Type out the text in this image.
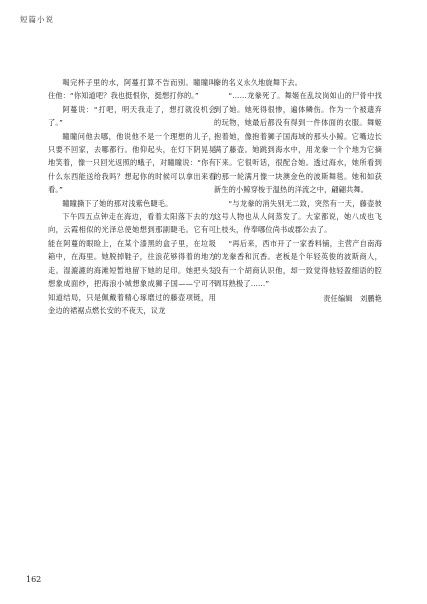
短篇小说

喝完杯子里的水，阿蔓打算不告而别。瞳瞳叫住他：“你知道吧？我也挺恨你，挺想打你的。”

阿蔓说：“打吧，明天我走了，想打就没机会了。”

瞳瞳问他去哪，他说他不是一个理想的儿子，只要不回家，去哪都行。他仰起头，在灯下阴晃晃地笑着，像一只回光返照的蛾子，对瞳瞳说：“你有什么东西能送给我吗？想起你的时候可以拿出来看看。”

瞳瞳撕下了她的那对浅紫色睫毛。

下午四五点钟走在海边，看着太阳落下去的方向，云霞相似的光泽总使她想到那副睫毛。它有可能在阿蔓的眼睑上，在某个漆黑的盒子里，在垃圾箱中，在海里。她脱掉鞋子，往浪花够得着的地方走。湿漉漉的海滩短暂地留下她的足印。她把头发想象成面纱，把海浪小城想象成狮子国——宁可不知道结局，只是佩戴着精心琢磨过的藤壶项链，用金边的裙裾点燃长安的不夜天，议龙

豢的名义永久地旋舞下去。

“……龙豢死了。舞姬在乱坟岗如山的尸骨中找到了她。她死得很惨，遍体鳞伤。作为一个被遗弃的玩物，她最后都没有得到一件体面的衣服。舞姬抱着她，像抱着狮子国海域的那头小鲸。它嘴边长满了藤壶。她跳到海水中，用龙豢一个个地为它摘下来。它很听话，很配合她。透过海水，她所看到的那一轮满月像一块澳金色的波斯舞毯。她和如获新生的小鲸穿梭于温热的洋流之中，翩翩共舞。

“与龙豢的消失别无二致，突然有一天，藤壶彼这号人物也从人间蒸发了。大家都说，她八成也飞上枝头，侍奉哪位尚书或郡公去了。

“再后来，西市开了一家香料铺，主营产自南海的龙豢香和沉香。老板是个年轻英俊的波斯商人，没有一个胡商认识他，却一致觉得他轻盈细语的腔调耳熟极了……”

责任编辑　刘鹏艳

162
